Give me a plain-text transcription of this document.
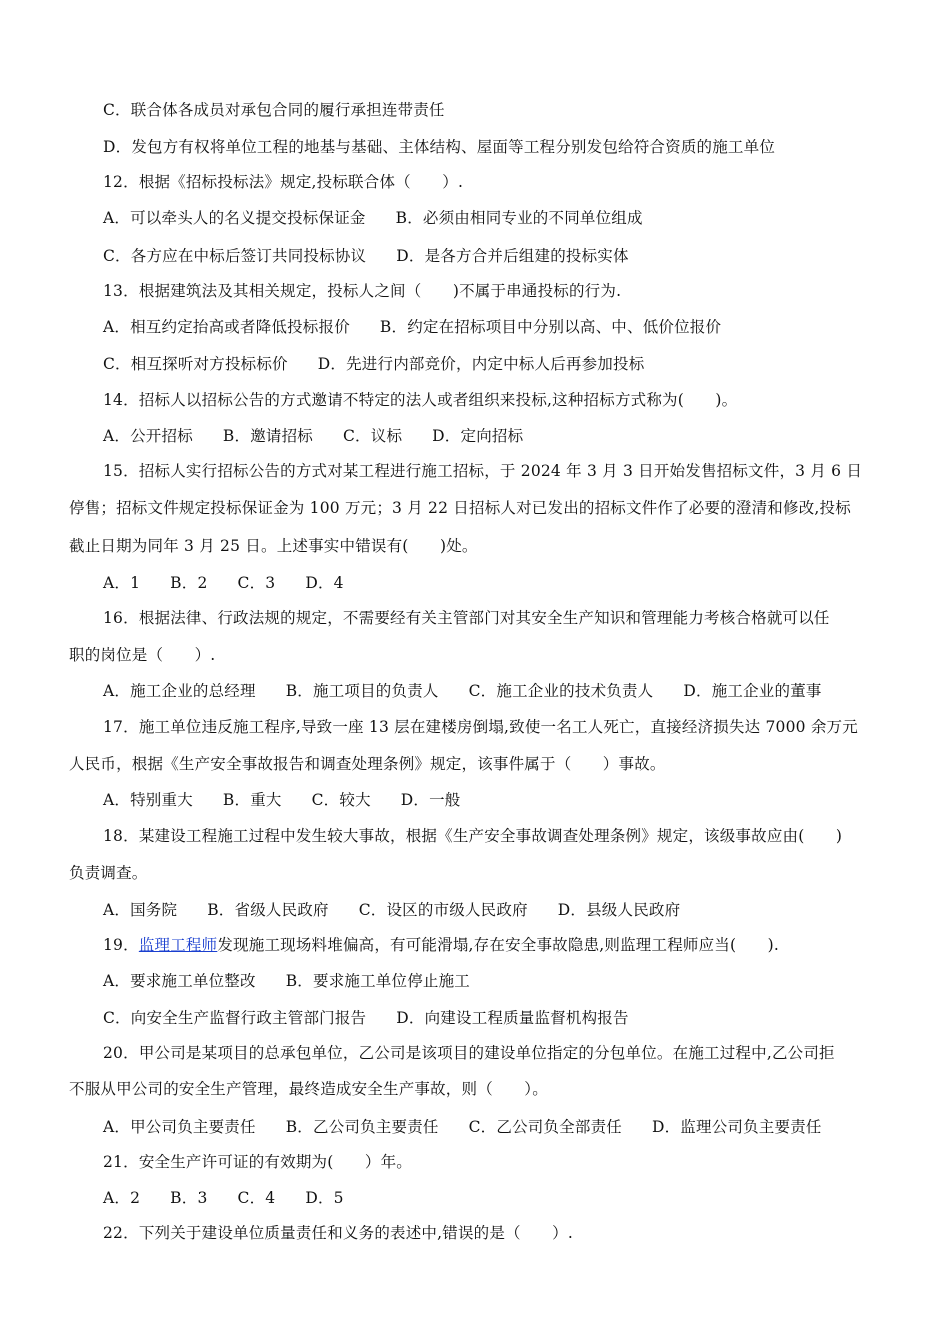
C．联合体各成员对承包合同的履行承担连带责任
D．发包方有权将单位工程的地基与基础、主体结构、屋面等工程分别发包给符合资质的施工单位
12．根据《招标投标法》规定,投标联合体（　　）.
A．可以牵头人的名义提交投标保证金 B．必须由相同专业的不同单位组成
C．各方应在中标后签订共同投标协议 D．是各方合并后组建的投标实体
13．根据建筑法及其相关规定，投标人之间（　　)不属于串通投标的行为.
A．相互约定抬高或者降低投标报价 B．约定在招标项目中分别以高、中、低价位报价
C．相互探听对方投标标价 D．先进行内部竞价，内定中标人后再参加投标
14．招标人以招标公告的方式邀请不特定的法人或者组织来投标,这种招标方式称为(　　)。
A．公开招标 B．邀请招标 C．议标 D．定向招标
15．招标人实行招标公告的方式对某工程进行施工招标，于 2024 年 3 月 3 日开始发售招标文件，3 月 6 日
停售；招标文件规定投标保证金为 100 万元；3 月 22 日招标人对已发出的招标文件作了必要的澄清和修改,投标
截止日期为同年 3 月 25 日。上述事实中错误有(　　)处。
A．1 B．2 C．3 D．4
16．根据法律、行政法规的规定，不需要经有关主管部门对其安全生产知识和管理能力考核合格就可以任
职的岗位是（　　）.
A．施工企业的总经理 B．施工项目的负责人 C．施工企业的技术负责人 D．施工企业的董事
17．施工单位违反施工程序,导致一座 13 层在建楼房倒塌,致使一名工人死亡，直接经济损失达 7000 余万元
人民币，根据《生产安全事故报告和调查处理条例》规定，该事件属于（　　）事故。
A．特别重大 B．重大 C．较大 D．一般
18．某建设工程施工过程中发生较大事故，根据《生产安全事故调查处理条例》规定，该级事故应由(　　)
负责调查。
A．国务院 B．省级人民政府 C．设区的市级人民政府 D．县级人民政府
19．监理工程师发现施工现场料堆偏高，有可能滑塌,存在安全事故隐患,则监理工程师应当(　　).
A．要求施工单位整改 B．要求施工单位停止施工
C．向安全生产监督行政主管部门报告 D．向建设工程质量监督机构报告
20．甲公司是某项目的总承包单位，乙公司是该项目的建设单位指定的分包单位。在施工过程中,乙公司拒
不服从甲公司的安全生产管理，最终造成安全生产事故，则（　　）。
A．甲公司负主要责任 B．乙公司负主要责任 C．乙公司负全部责任 D．监理公司负主要责任
21．安全生产许可证的有效期为(　　）年。
A．2 B．3 C．4 D．5
22．下列关于建设单位质量责任和义务的表述中,错误的是（　　）.
